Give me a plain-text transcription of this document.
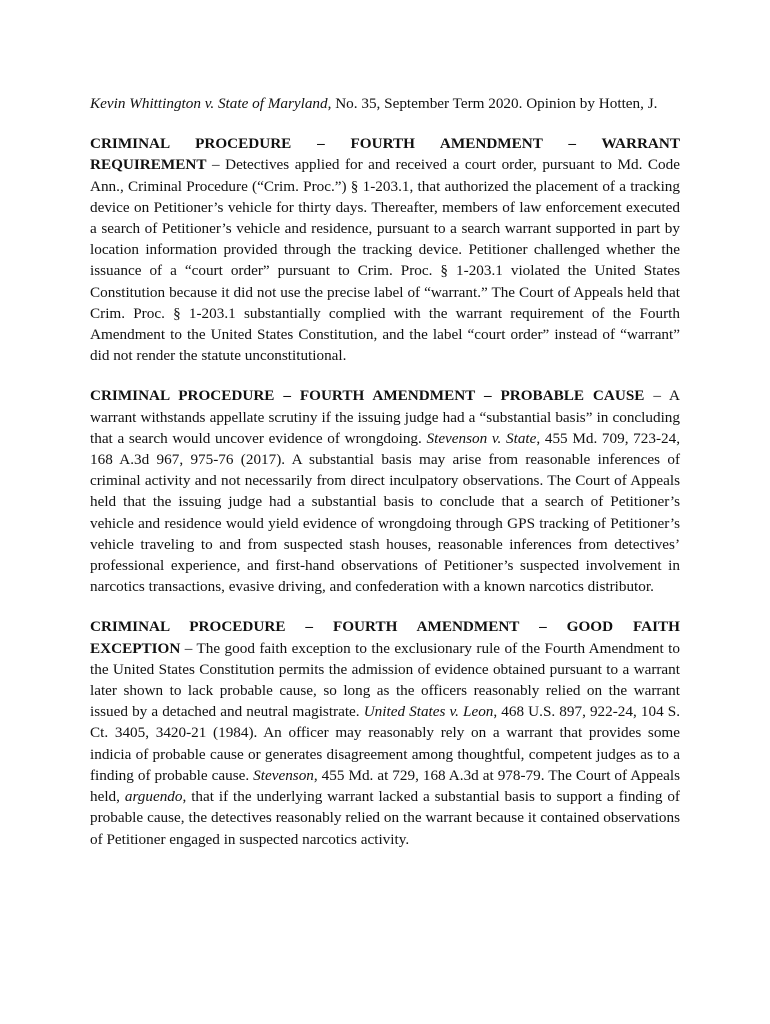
Kevin Whittington v. State of Maryland, No. 35, September Term 2020. Opinion by Hotten, J.

CRIMINAL PROCEDURE – FOURTH AMENDMENT – WARRANT
REQUIREMENT – Detectives applied for and received a court order, pursuant to Md. Code Ann., Criminal Procedure (“Crim. Proc.”) § 1-203.1, that authorized the placement of a tracking device on Petitioner’s vehicle for thirty days. Thereafter, members of law enforcement executed a search of Petitioner’s vehicle and residence, pursuant to a search warrant supported in part by location information provided through the tracking device. Petitioner challenged whether the issuance of a “court order” pursuant to Crim. Proc. § 1-203.1 violated the United States Constitution because it did not use the precise label of “warrant.” The Court of Appeals held that Crim. Proc. § 1-203.1 substantially complied with the warrant requirement of the Fourth Amendment to the United States Constitution, and the label “court order” instead of “warrant” did not render the statute unconstitutional.
CRIMINAL PROCEDURE – FOURTH AMENDMENT – PROBABLE CAUSE – A warrant withstands appellate scrutiny if the issuing judge had a “substantial basis” in concluding that a search would uncover evidence of wrongdoing. Stevenson v. State, 455 Md. 709, 723-24, 168 A.3d 967, 975-76 (2017). A substantial basis may arise from reasonable inferences of criminal activity and not necessarily from direct inculpatory observations. The Court of Appeals held that the issuing judge had a substantial basis to conclude that a search of Petitioner’s vehicle and residence would yield evidence of wrongdoing through GPS tracking of Petitioner’s vehicle traveling to and from suspected stash houses, reasonable inferences from detectives’ professional experience, and first-hand observations of Petitioner’s suspected involvement in narcotics transactions, evasive driving, and confederation with a known narcotics distributor.
CRIMINAL PROCEDURE – FOURTH AMENDMENT – GOOD FAITH
EXCEPTION – The good faith exception to the exclusionary rule of the Fourth Amendment to the United States Constitution permits the admission of evidence obtained pursuant to a warrant later shown to lack probable cause, so long as the officers reasonably relied on the warrant issued by a detached and neutral magistrate. United States v. Leon, 468 U.S. 897, 922-24, 104 S. Ct. 3405, 3420-21 (1984). An officer may reasonably rely on a warrant that provides some indicia of probable cause or generates disagreement among thoughtful, competent judges as to a finding of probable cause. Stevenson, 455 Md. at 729, 168 A.3d at 978-79. The Court of Appeals held, arguendo, that if the underlying warrant lacked a substantial basis to support a finding of probable cause, the detectives reasonably relied on the warrant because it contained observations of Petitioner engaged in suspected narcotics activity.
